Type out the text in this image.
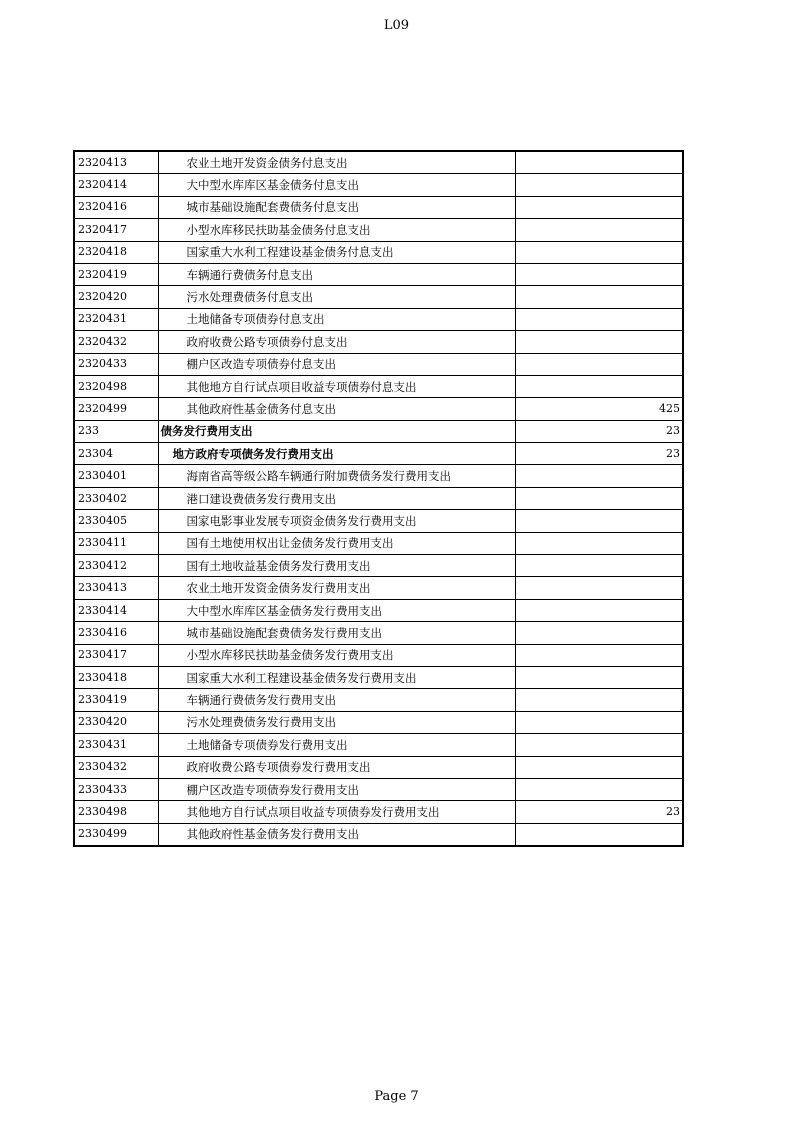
L09
2320413	农业土地开发资金债务付息支出	
2320414	大中型水库库区基金债务付息支出	
2320416	城市基础设施配套费债务付息支出	
2320417	小型水库移民扶助基金债务付息支出	
2320418	国家重大水利工程建设基金债务付息支出	
2320419	车辆通行费债务付息支出	
2320420	污水处理费债务付息支出	
2320431	土地储备专项债券付息支出	
2320432	政府收费公路专项债券付息支出	
2320433	棚户区改造专项债券付息支出	
2320498	其他地方自行试点项目收益专项债券付息支出	
2320499	其他政府性基金债务付息支出	425
233	债务发行费用支出	23
23304	地方政府专项债务发行费用支出	23
2330401	海南省高等级公路车辆通行附加费债务发行费用支出	
2330402	港口建设费债务发行费用支出	
2330405	国家电影事业发展专项资金债务发行费用支出	
2330411	国有土地使用权出让金债务发行费用支出	
2330412	国有土地收益基金债务发行费用支出	
2330413	农业土地开发资金债务发行费用支出	
2330414	大中型水库库区基金债务发行费用支出	
2330416	城市基础设施配套费债务发行费用支出	
2330417	小型水库移民扶助基金债务发行费用支出	
2330418	国家重大水利工程建设基金债务发行费用支出	
2330419	车辆通行费债务发行费用支出	
2330420	污水处理费债务发行费用支出	
2330431	土地储备专项债券发行费用支出	
2330432	政府收费公路专项债券发行费用支出	
2330433	棚户区改造专项债券发行费用支出	
2330498	其他地方自行试点项目收益专项债券发行费用支出	23
2330499	其他政府性基金债务发行费用支出	
Page 7
